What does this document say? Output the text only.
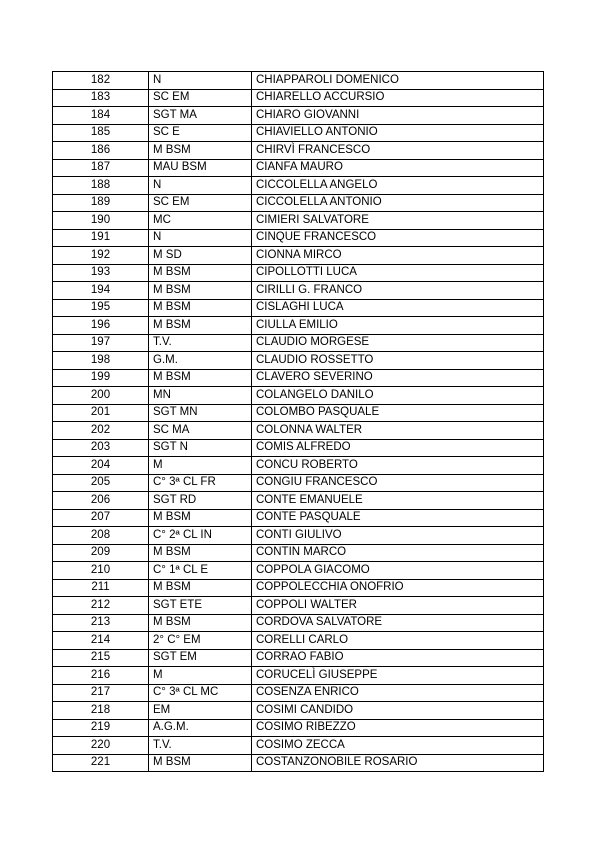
182	N	CHIAPPAROLI DOMENICO
183	SC EM	CHIARELLO ACCURSIO
184	SGT MA	CHIARO GIOVANNI
185	SC E	CHIAVIELLO ANTONIO
186	M BSM	CHIRVÌ FRANCESCO
187	MAU BSM	CIANFA MAURO
188	N	CICCOLELLA ANGELO
189	SC EM	CICCOLELLA ANTONIO
190	MC	CIMIERI SALVATORE
191	N	CINQUE FRANCESCO
192	M SD	CIONNA MIRCO
193	M BSM	CIPOLLOTTI LUCA
194	M BSM	CIRILLI G. FRANCO
195	M BSM	CISLAGHI LUCA
196	M BSM	CIULLA EMILIO
197	T.V.	CLAUDIO MORGESE
198	G.M.	CLAUDIO ROSSETTO
199	M BSM	CLAVERO SEVERINO
200	MN	COLANGELO DANILO
201	SGT MN	COLOMBO PASQUALE
202	SC MA	COLONNA WALTER
203	SGT N	COMIS ALFREDO
204	M	CONCU ROBERTO
205	C° 3ª CL FR	CONGIU FRANCESCO
206	SGT RD	CONTE EMANUELE
207	M BSM	CONTE PASQUALE
208	C° 2ª CL IN	CONTI GIULIVO
209	M BSM	CONTIN MARCO
210	C° 1ª CL E	COPPOLA GIACOMO
211	M BSM	COPPOLECCHIA ONOFRIO
212	SGT ETE	COPPOLI WALTER
213	M BSM	CORDOVA SALVATORE
214	2° C° EM	CORELLI CARLO
215	SGT EM	CORRAO FABIO
216	M	CORUCELÌ GIUSEPPE
217	C° 3ª CL MC	COSENZA ENRICO
218	EM	COSIMI CANDIDO
219	A.G.M.	COSIMO RIBEZZO
220	T.V.	COSIMO ZECCA
221	M BSM	COSTANZONOBILE ROSARIO
